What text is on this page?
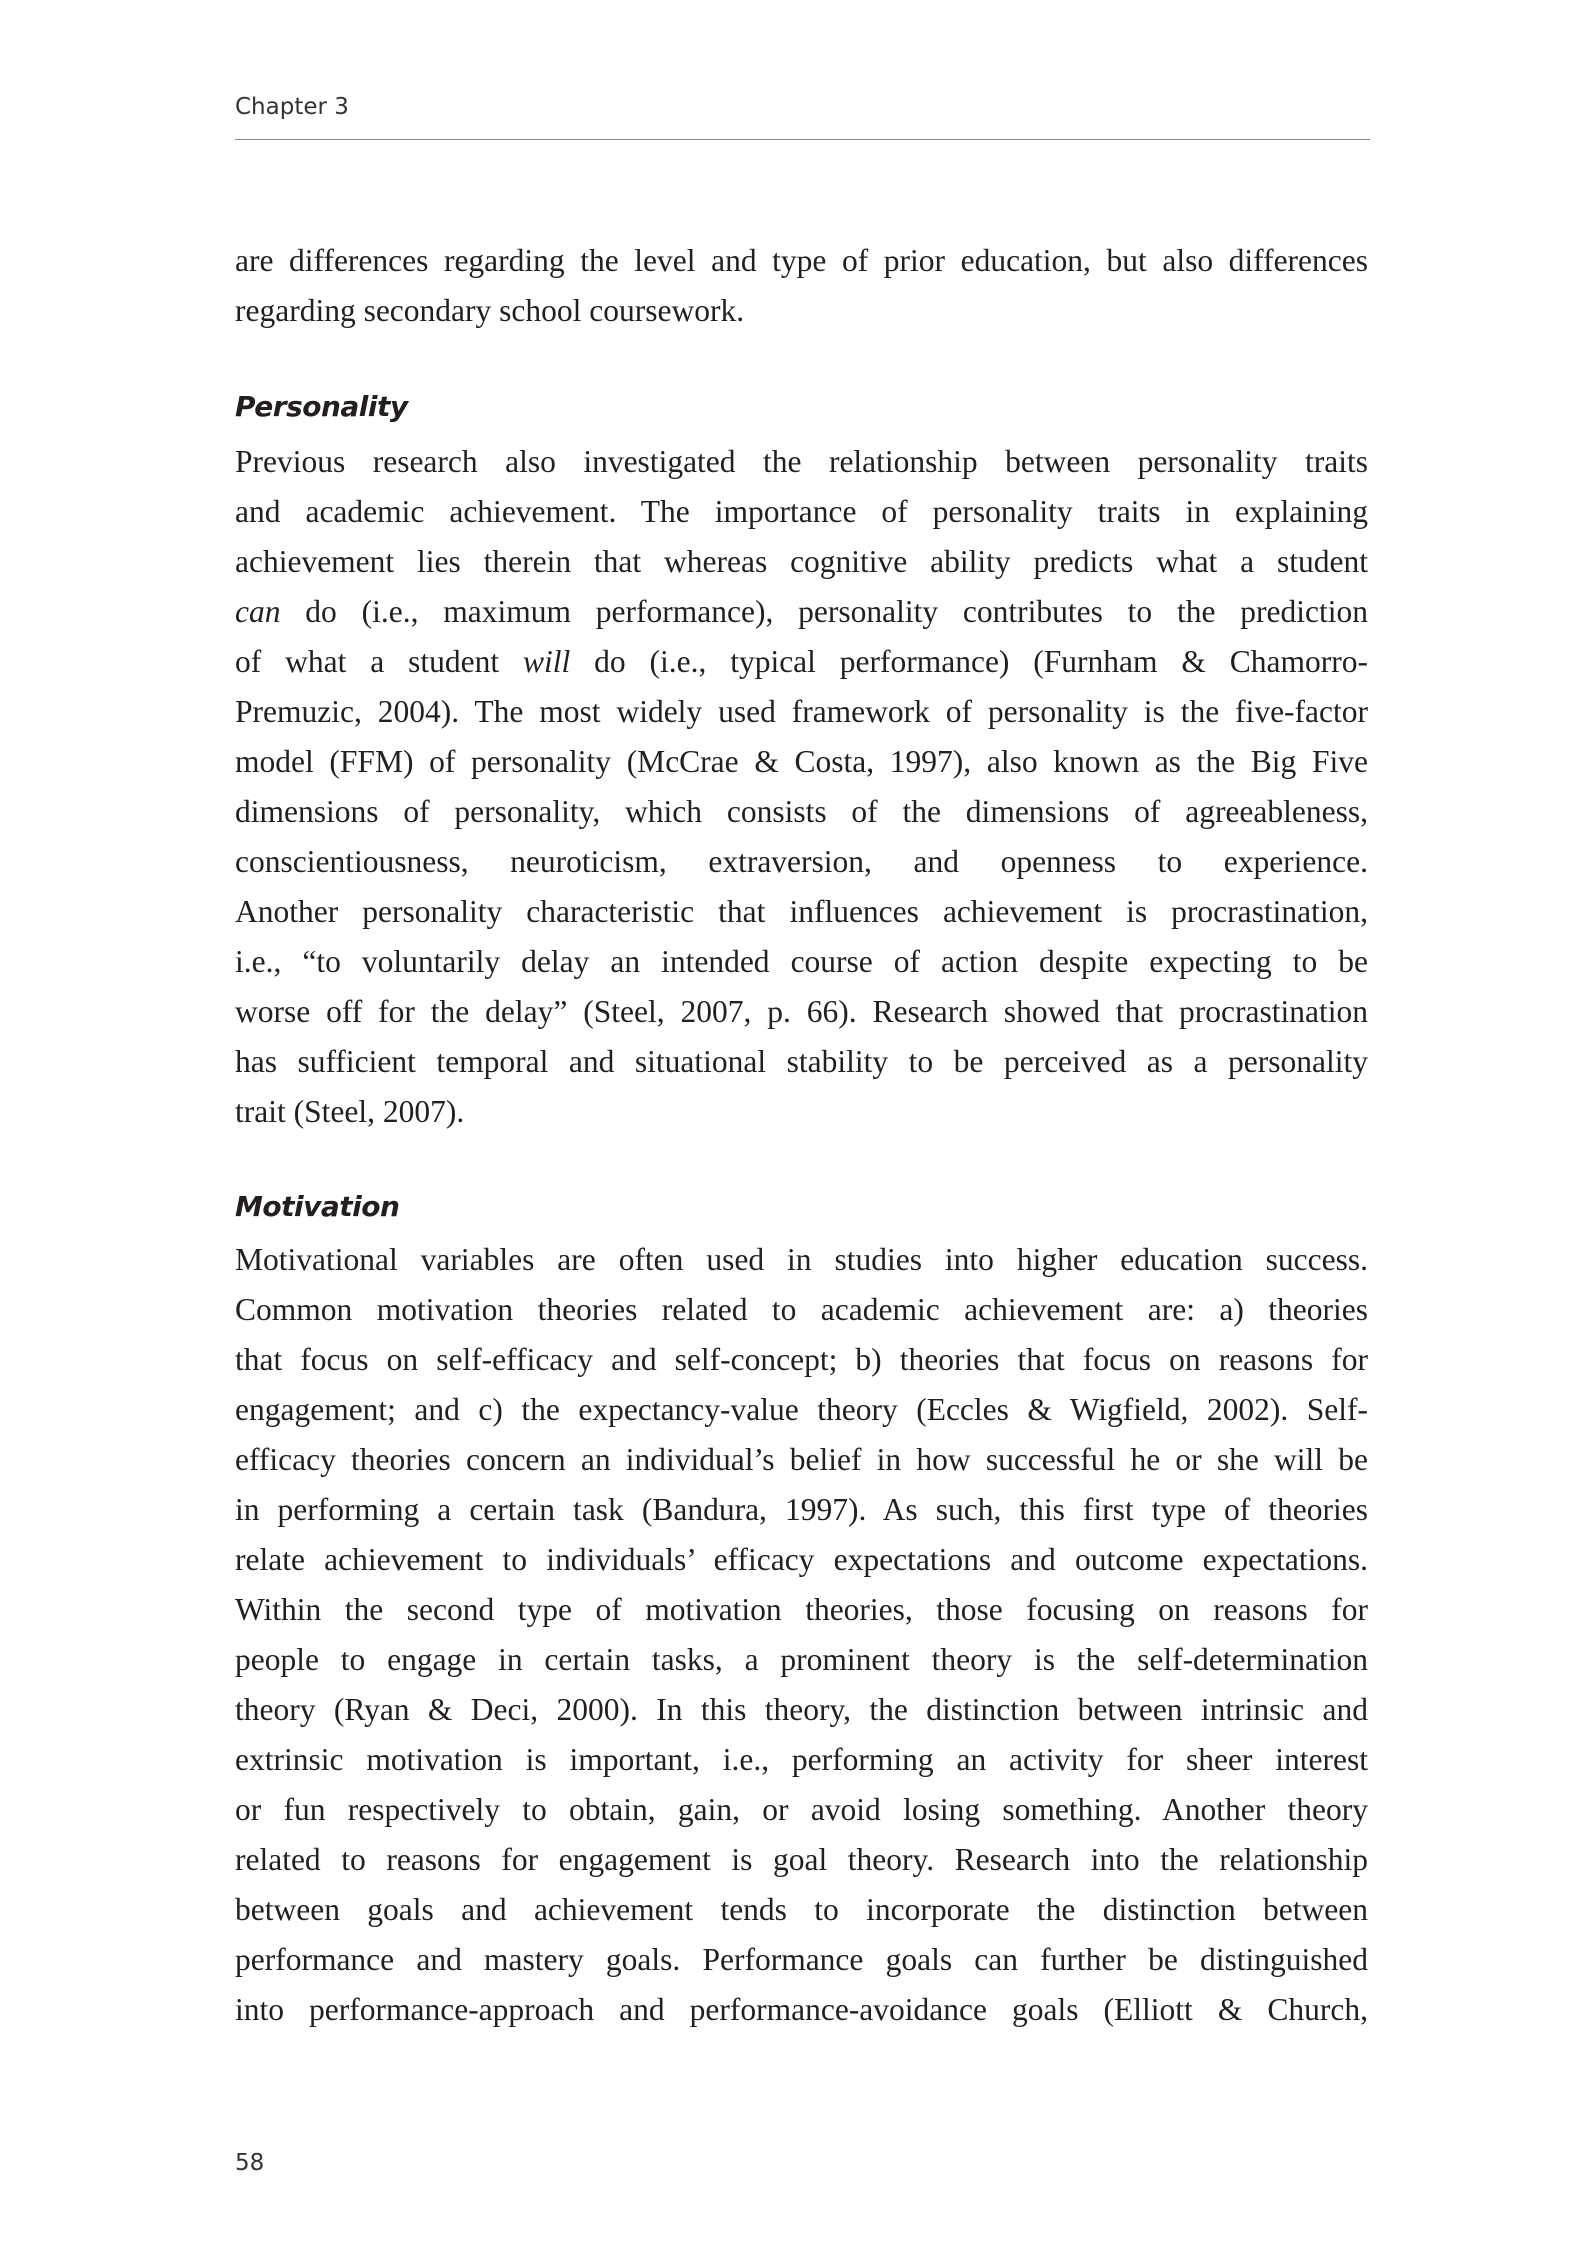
Chapter 3
are differences regarding the level and type of prior education, but also differences
regarding secondary school coursework.
Personality
Previous research also investigated the relationship between personality traits
and academic achievement. The importance of personality traits in explaining
achievement lies therein that whereas cognitive ability predicts what a student
can do (i.e., maximum performance), personality contributes to the prediction
of what a student will do (i.e., typical performance) (Furnham & Chamorro-
Premuzic, 2004). The most widely used framework of personality is the five-factor
model (FFM) of personality (McCrae & Costa, 1997), also known as the Big Five
dimensions of personality, which consists of the dimensions of agreeableness,
conscientiousness, neuroticism, extraversion, and openness to experience.
Another personality characteristic that influences achievement is procrastination,
i.e., “to voluntarily delay an intended course of action despite expecting to be
worse off for the delay” (Steel, 2007, p. 66). Research showed that procrastination
has sufficient temporal and situational stability to be perceived as a personality
trait (Steel, 2007).
Motivation
Motivational variables are often used in studies into higher education success.
Common motivation theories related to academic achievement are: a) theories
that focus on self-efficacy and self-concept; b) theories that focus on reasons for
engagement; and c) the expectancy-value theory (Eccles & Wigfield, 2002). Self-
efficacy theories concern an individual’s belief in how successful he or she will be
in performing a certain task (Bandura, 1997). As such, this first type of theories
relate achievement to individuals’ efficacy expectations and outcome expectations.
Within the second type of motivation theories, those focusing on reasons for
people to engage in certain tasks, a prominent theory is the self-determination
theory (Ryan & Deci, 2000). In this theory, the distinction between intrinsic and
extrinsic motivation is important, i.e., performing an activity for sheer interest
or fun respectively to obtain, gain, or avoid losing something. Another theory
related to reasons for engagement is goal theory. Research into the relationship
between goals and achievement tends to incorporate the distinction between
performance and mastery goals. Performance goals can further be distinguished
into performance-approach and performance-avoidance goals (Elliott & Church,
58
